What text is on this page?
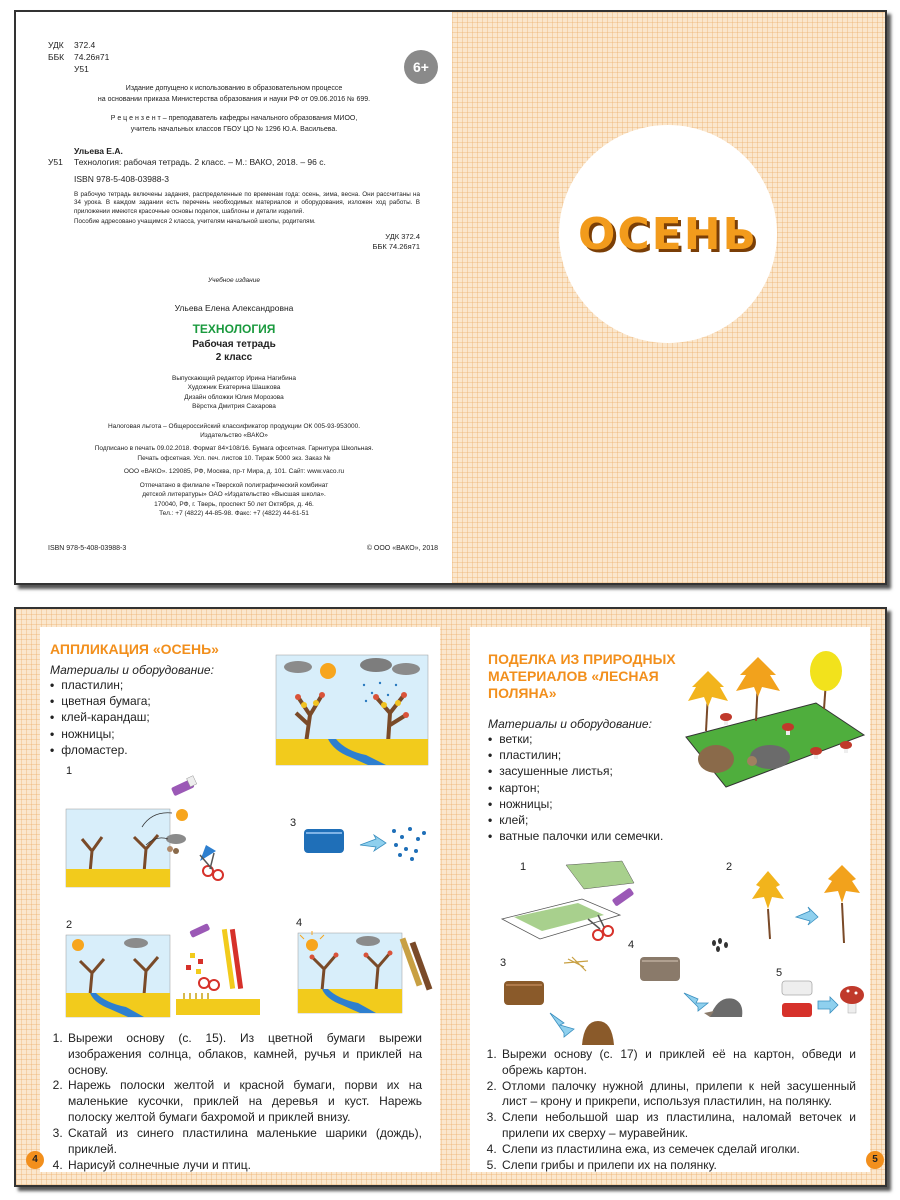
УДК 372.4
ББК 74.26я71
У51	6+

Издание допущено к использованию в образовательном процессе

на основании приказа Министерства образования и науки РФ от 09.06.2016 № 699.

Р е ц е н з е н т – преподаватель кафедры начального образования МИОО,

учитель начальных классов ГБОУ ЦО № 1296 Ю.А. Васильева.

Ульева Е.А.
У51 Технология: рабочая тетрадь. 2 класс. – М.: ВАКО, 2018. – 96 с.
ISBN 978-5-408-03988-3

В рабочую тетрадь включены задания, распределенные по временам года: осень, зима, весна. Они рассчитаны на 34 урока. В каждом задании есть перечень необходимых материалов и оборудования, изложен ход работы. В приложении имеются красочные основы поделок, шаблоны и детали изделий.

Пособие адресовано учащимся 2 класса, учителям начальной школы, родителям.

УДК 372.4
ББК 74.26я71
Учебное издание
Ульева Елена Александровна
ТЕХНОЛОГИЯ
Рабочая тетрадь
2 класс
Выпускающий редактор Ирина Нагибина
Художник Екатерина Шашкова
Дизайн обложки Юлия Морозова
Вёрстка Дмитрия Сахарова
Налоговая льгота – Общероссийский классификатор продукции ОК 005-93-953000.
Издательство «ВАКО»
Подписано в печать 09.02.2018. Формат 84×108/16. Бумага офсетная. Гарнитура Школьная.
Печать офсетная. Усл. печ. листов 10. Тираж 5000 экз. Заказ №
ООО «ВАКО». 129085, РФ, Москва, пр-т Мира, д. 101. Сайт: www.vaco.ru
Отпечатано в филиале «Тверской полиграфический комбинат
детской литературы» ОАО «Издательство «Высшая школа».
170040, РФ, г. Тверь, проспект 50 лет Октября, д. 46.
Тел.: +7 (4822) 44-85-98. Факс: +7 (4822) 44-61-51
ISBN 978-5-408-03988-3	© ООО «ВАКО», 2018
ОСЕНЬ
АППЛИКАЦИЯ «ОСЕНЬ»
Материалы и оборудование:
• пластилин;
• цветная бумага;
• клей-карандаш;
• ножницы;
• фломастер.
1
3
2	4
1. Вырежи основу (с. 15). Из цветной бумаги вырежи изображения солнца, облаков, камней, ручья и приклей на основу.
2. Нарежь полоски желтой и красной бумаги, порви их на маленькие кусочки, приклей на деревья и куст. Нарежь полоску желтой бумаги бахромой и приклей внизу.
3. Скатай из синего пластилина маленькие шарики (дождь), приклей.
4. Нарисуй солнечные лучи и птиц.
4
ПОДЕЛКА ИЗ ПРИРОДНЫХ
МАТЕРИАЛОВ «ЛЕСНАЯ
ПОЛЯНА»
Материалы и оборудование:
• ветки;
• пластилин;
• засушенные листья;
• картон;
• ножницы;
• клей;
• ватные палочки или семечки.
1	2
3
4
5
1. Вырежи основу (с. 17) и приклей её на картон, обведи и обрежь картон.
2. Отломи палочку нужной длины, прилепи к ней засушенный лист – крону и прикрепи, используя пластилин, на полянку.
3. Слепи небольшой шар из пластилина, наломай веточек и прилепи их сверху – муравейник.
4. Слепи из пластилина ежа, из семечек сделай иголки.
5. Слепи грибы и прилепи их на полянку.	5
